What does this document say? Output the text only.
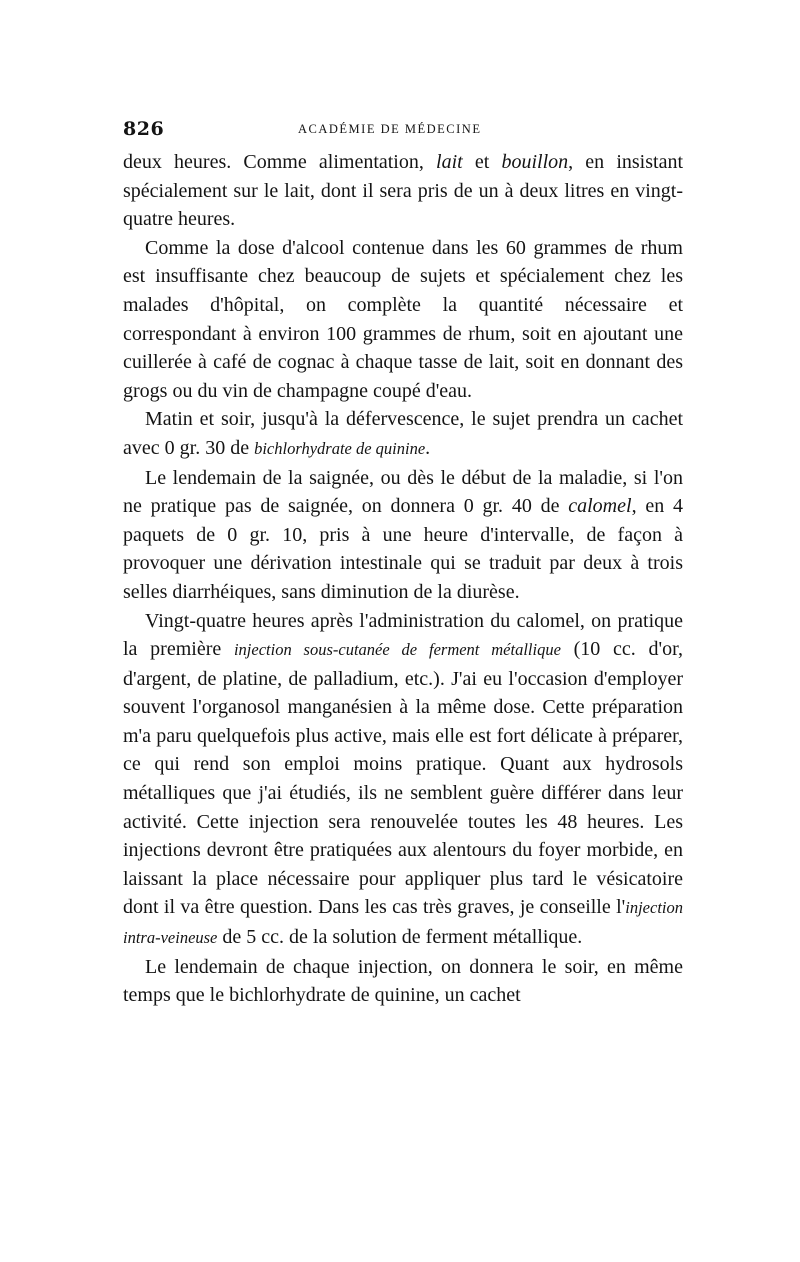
826	ACADÉMIE DE MÉDECINE

deux heures. Comme alimentation, lait et bouillon, en insistant spécialement sur le lait, dont il sera pris de un à deux litres en vingt-quatre heures.

Comme la dose d'alcool contenue dans les 60 grammes de rhum est insuffisante chez beaucoup de sujets et spécialement chez les malades d'hôpital, on complète la quantité nécessaire et correspondant à environ 100 grammes de rhum, soit en ajoutant une cuillerée à café de cognac à chaque tasse de lait, soit en donnant des grogs ou du vin de champagne coupé d'eau.

Matin et soir, jusqu'à la défervescence, le sujet prendra un cachet avec 0 gr. 30 de bichlorhydrate de quinine.

Le lendemain de la saignée, ou dès le début de la maladie, si l'on ne pratique pas de saignée, on donnera 0 gr. 40 de calomel, en 4 paquets de 0 gr. 10, pris à une heure d'intervalle, de façon à provoquer une dérivation intestinale qui se traduit par deux à trois selles diarrhéiques, sans diminution de la diurèse.

Vingt-quatre heures après l'administration du calomel, on pratique la première injection sous-cutanée de ferment métallique (10 cc. d'or, d'argent, de platine, de palladium, etc.). J'ai eu l'occasion d'employer souvent l'organosol manganésien à la même dose. Cette préparation m'a paru quelquefois plus active, mais elle est fort délicate à préparer, ce qui rend son emploi moins pratique. Quant aux hydrosols métalliques que j'ai étudiés, ils ne semblent guère différer dans leur activité. Cette injection sera renouvelée toutes les 48 heures. Les injections devront être pratiquées aux alentours du foyer morbide, en laissant la place nécessaire pour appliquer plus tard le vésicatoire dont il va être question. Dans les cas très graves, je conseille l'injection intra-veineuse de 5 cc. de la solution de ferment métallique.

Le lendemain de chaque injection, on donnera le soir, en même temps que le bichlorhydrate de quinine, un cachet
